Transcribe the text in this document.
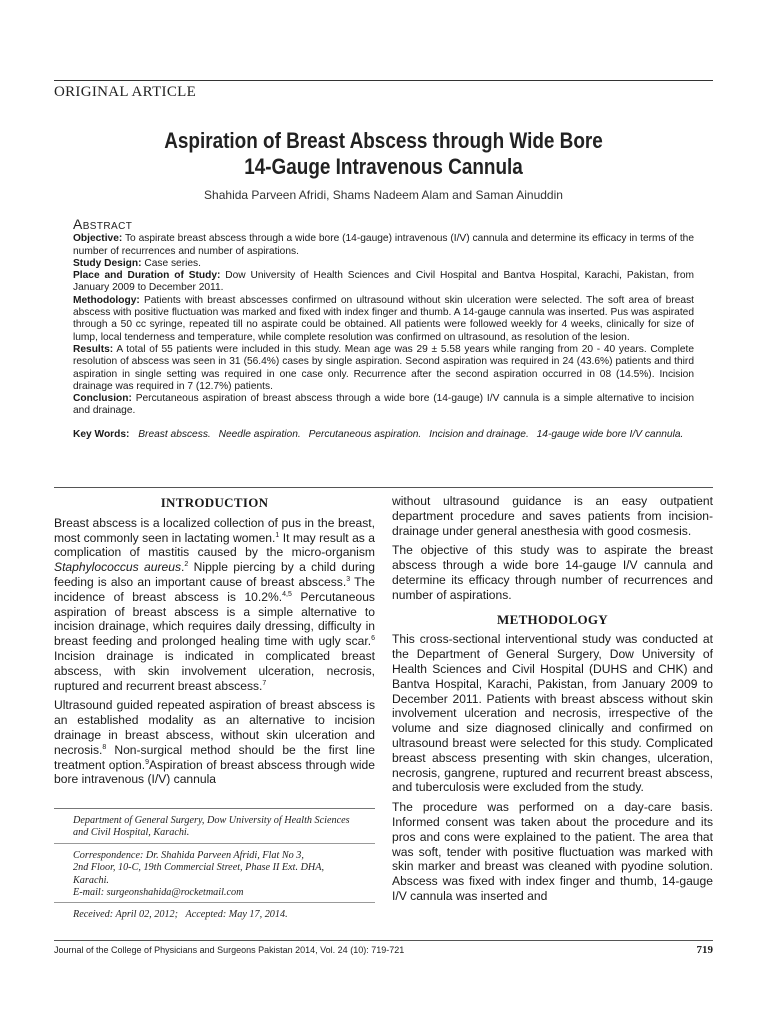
ORIGINAL ARTICLE
Aspiration of Breast Abscess through Wide Bore
14-Gauge Intravenous Cannula
Shahida Parveen Afridi, Shams Nadeem Alam and Saman Ainuddin
Abstract

Objective: To aspirate breast abscess through a wide bore (14-gauge) intravenous (I/V) cannula and determine its efficacy in terms of the number of recurrences and number of aspirations.

Study Design: Case series.

Place and Duration of Study: Dow University of Health Sciences and Civil Hospital and Bantva Hospital, Karachi, Pakistan, from January 2009 to December 2011.

Methodology: Patients with breast abscesses confirmed on ultrasound without skin ulceration were selected. The soft area of breast abscess with positive fluctuation was marked and fixed with index finger and thumb. A 14-gauge cannula was inserted. Pus was aspirated through a 50 cc syringe, repeated till no aspirate could be obtained. All patients were followed weekly for 4 weeks, clinically for size of lump, local tenderness and temperature, while complete resolution was confirmed on ultrasound, as resolution of the lesion.

Results: A total of 55 patients were included in this study. Mean age was 29 ± 5.58 years while ranging from 20 - 40 years. Complete resolution of abscess was seen in 31 (56.4%) cases by single aspiration. Second aspiration was required in 24 (43.6%) patients and third aspiration in single setting was required in one case only. Recurrence after the second aspiration occurred in 08 (14.5%). Incision drainage was required in 7 (12.7%) patients.

Conclusion: Percutaneous aspiration of breast abscess through a wide bore (14-gauge) I/V cannula is a simple alternative to incision and drainage.

Key Words: Breast abscess. Needle aspiration. Percutaneous aspiration. Incision and drainage. 14-gauge wide bore I/V cannula.

INTRODUCTION

Breast abscess is a localized collection of pus in the breast, most commonly seen in lactating women.$^1$ It may result as a complication of mastitis caused by the micro-organism Staphylococcus aureus.$^2$ Nipple piercing by a child during feeding is also an important cause of breast abscess.$^3$ The incidence of breast abscess is 10.2%.$^{4,5}$ Percutaneous aspiration of breast abscess is a simple alternative to incision drainage, which requires daily dressing, difficulty in breast feeding and prolonged healing time with ugly scar.$^6$ Incision drainage is indicated in complicated breast abscess, with skin involvement ulceration, necrosis, ruptured and recurrent breast abscess.$^7$

Ultrasound guided repeated aspiration of breast abscess is an established modality as an alternative to incision drainage in breast abscess, without skin ulceration and necrosis.$^8$ Non-surgical method should be the first line treatment option.$^9$Aspiration of breast abscess through wide bore intravenous (I/V) cannula

without ultrasound guidance is an easy outpatient department procedure and saves patients from incision-drainage under general anesthesia with good cosmesis.

The objective of this study was to aspirate the breast abscess through a wide bore 14-gauge I/V cannula and determine its efficacy through number of recurrences and number of aspirations.

METHODOLOGY

This cross-sectional interventional study was conducted at the Department of General Surgery, Dow University of Health Sciences and Civil Hospital (DUHS and CHK) and Bantva Hospital, Karachi, Pakistan, from January 2009 to December 2011. Patients with breast abscess without skin involvement ulceration and necrosis, irrespective of the volume and size diagnosed clinically and confirmed on ultrasound breast were selected for this study. Complicated breast abscess presenting with skin changes, ulceration, necrosis, gangrene, ruptured and recurrent breast abscess, and tuberculosis were excluded from the study.

The procedure was performed on a day-care basis. Informed consent was taken about the procedure and its pros and cons were explained to the patient. The area that was soft, tender with positive fluctuation was marked with skin marker and breast was cleaned with pyodine solution. Abscess was fixed with index finger and thumb, 14-gauge I/V cannula was inserted and

Department of General Surgery, Dow University of Health Sciences
and Civil Hospital, Karachi.
Correspondence: Dr. Shahida Parveen Afridi, Flat No 3,
2nd Floor, 10-C, 19th Commercial Street, Phase II Ext. DHA,
Karachi.
E-mail: surgeonshahida@rocketmail.com
Received: April 02, 2012;   Accepted: May 17, 2014.
Journal of the College of Physicians and Surgeons Pakistan 2014, Vol. 24 (10): 719-721	719
